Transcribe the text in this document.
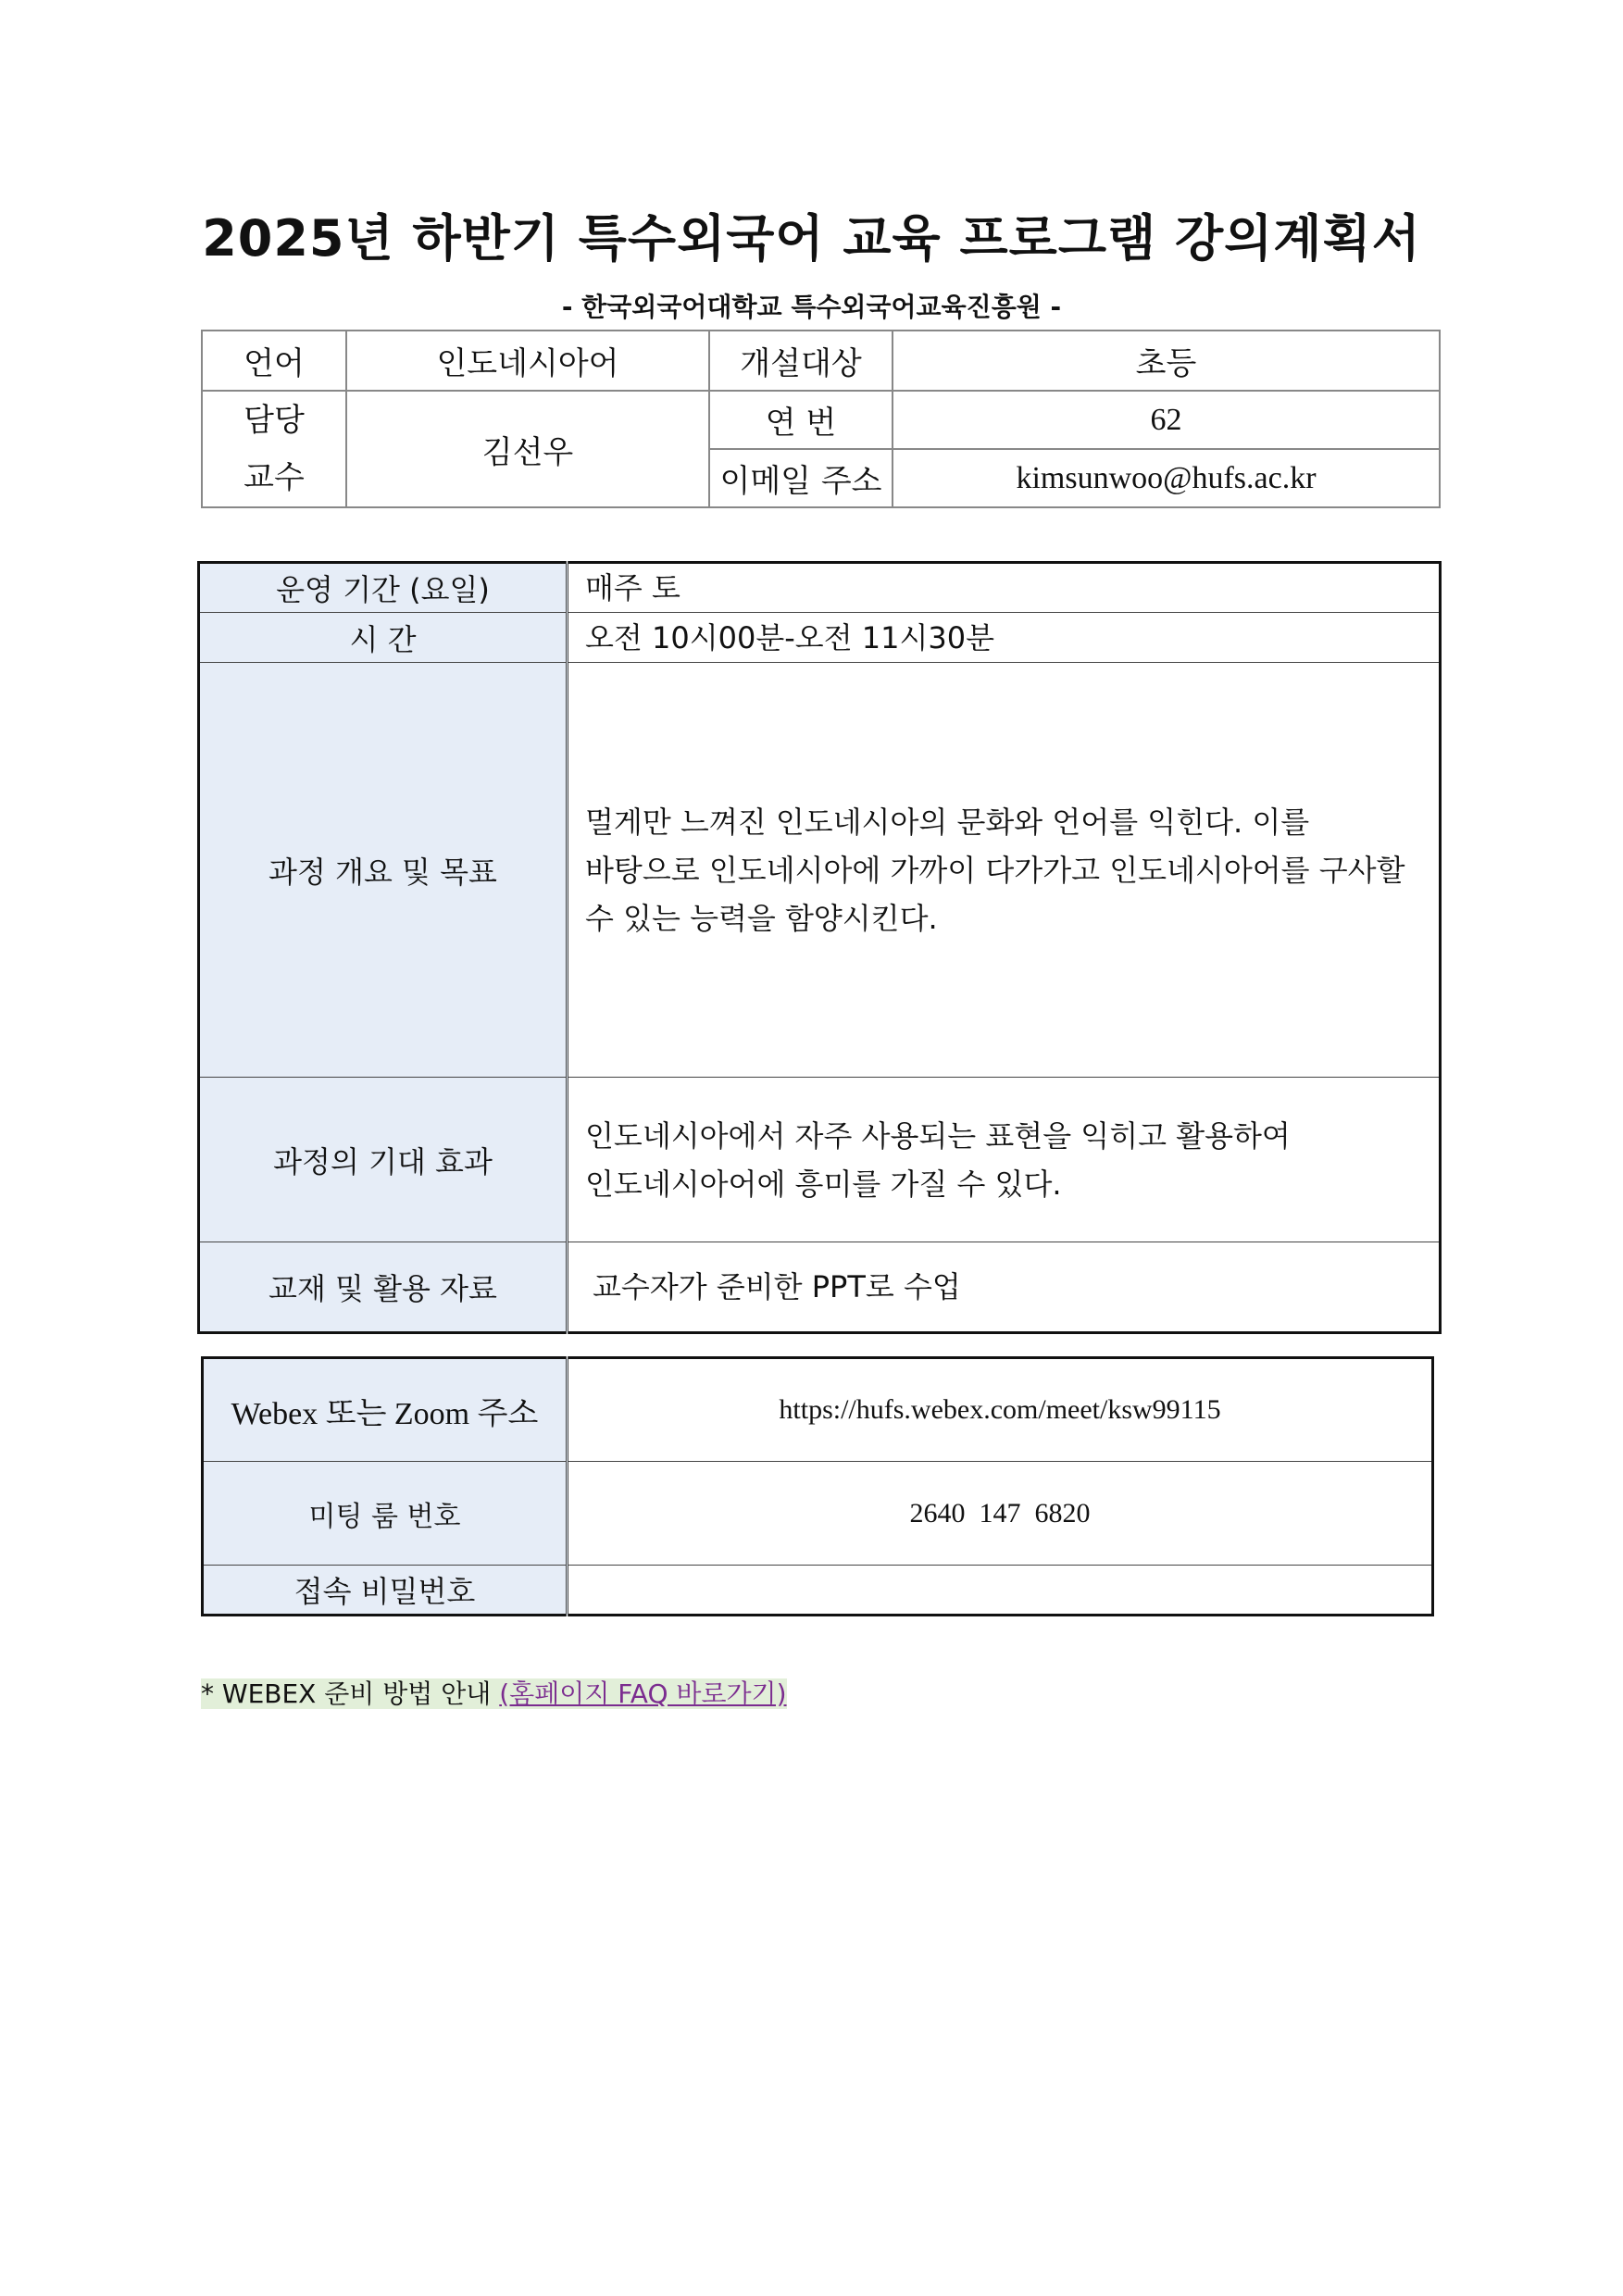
2025년 하반기 특수외국어 교육 프로그램 강의계획서
- 한국외국어대학교 특수외국어교육진흥원 -
언어	인도네시아어	개설대상	초등

담당
교수	김선우	연 번	62
		이메일 주소	kimsunwoo@hufs.ac.kr
운영 기간 (요일)	매주 토
시 간	오전 10시00분-오전 11시30분
과정 개요 및 목표	멀게만 느껴진 인도네시아의 문화와 언어를 익힌다. 이를
바탕으로 인도네시아에 가까이 다가가고 인도네시아어를 구사할
수 있는 능력을 함양시킨다.

과정의 기대 효과	인도네시아에서 자주 사용되는 표현을 익히고 활용하여
인도네시아어에 흥미를 가질 수 있다.

교재 및 활용 자료	교수자가 준비한 PPT로 수업
Webex 또는 Zoom 주소	https://hufs.webex.com/meet/ksw99115
미팅 룸 번호	2640  147  6820
접속 비밀번호	
* WEBEX 준비 방법 안내 (홈페이지 FAQ 바로가기)
